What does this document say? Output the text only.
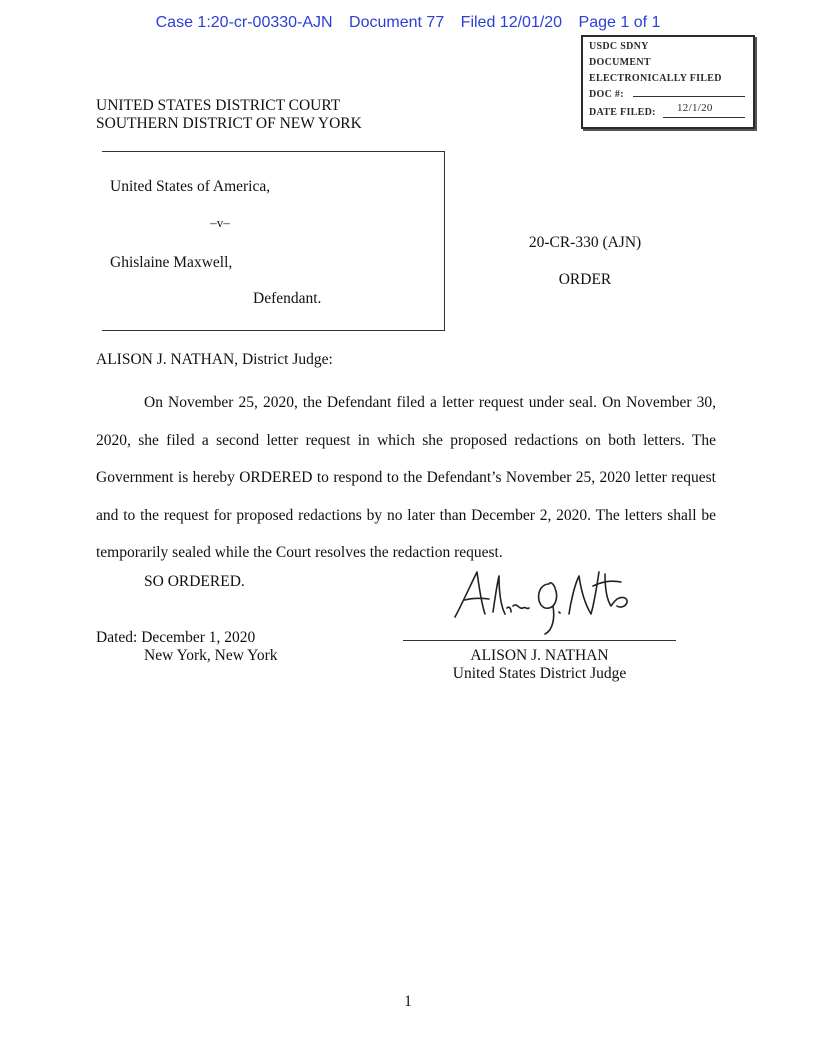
Case 1:20-cr-00330-AJN Document 77 Filed 12/01/20 Page 1 of 1
USDC SDNY
DOCUMENT
ELECTRONICALLY FILED
DOC #:
DATE FILED: 12/1/20
UNITED STATES DISTRICT COURT
SOUTHERN DISTRICT OF NEW YORK
United States of America,
–v–
Ghislaine Maxwell,
Defendant.
20-CR-330 (AJN)
ORDER
ALISON J. NATHAN, District Judge:
On November 25, 2020, the Defendant filed a letter request under seal. On November 30, 2020, she filed a second letter request in which she proposed redactions on both letters. The Government is hereby ORDERED to respond to the Defendant’s November 25, 2020 letter request and to the request for proposed redactions by no later than December 2, 2020. The letters shall be temporarily sealed while the Court resolves the redaction request.
SO ORDERED.
ALISON J. NATHAN
United States District Judge
Dated: December 1, 2020
New York, New York
1
